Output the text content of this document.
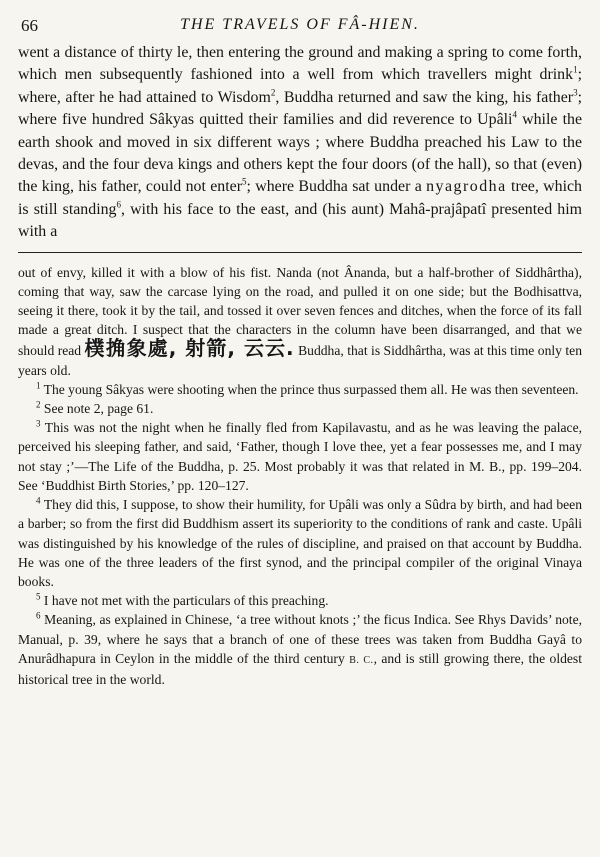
66	THE TRAVELS OF FÂ-HIEN.

went a distance of thirty le, then entering the ground and making a spring to come forth, which men subsequently fashioned into a well from which travellers might drink$^1$; where, after he had attained to Wisdom$^2$, Buddha returned and saw the king, his father$^3$; where five hundred Sâkyas quitted their families and did reverence to Upâli$^4$ while the earth shook and moved in six different ways ; where Buddha preached his Law to the devas, and the four deva kings and others kept the four doors (of the hall), so that (even) the king, his father, could not enter$^5$; where Buddha sat under a nyagrodha tree, which is still standing$^6$, with his face to the east, and (his aunt) Mahâ-prajâpatî presented him with a

out of envy, killed it with a blow of his fist. Nanda (not Ânanda, but a half-brother of Siddhârtha), coming that way, saw the carcase lying on the road, and pulled it on one side; but the Bodhisattva, seeing it there, took it by the tail, and tossed it over seven fences and ditches, when the force of its fall made a great ditch. I suspect that the characters in the column have been disarranged, and that we should read 樸捔象處, 射箭, 云云. Buddha, that is Siddhârtha, was at this time only ten years old.

$^1$ The young Sâkyas were shooting when the prince thus surpassed them all. He was then seventeen.

$^2$ See note 2, page 61.

$^3$ This was not the night when he finally fled from Kapilavastu, and as he was leaving the palace, perceived his sleeping father, and said, ‘Father, though I love thee, yet a fear possesses me, and I may not stay ;’—The Life of the Buddha, p. 25. Most probably it was that related in M. B., pp. 199–204. See ‘Buddhist Birth Stories,’ pp. 120–127.

$^4$ They did this, I suppose, to show their humility, for Upâli was only a Sûdra by birth, and had been a barber; so from the first did Buddhism assert its superiority to the conditions of rank and caste. Upâli was distinguished by his knowledge of the rules of discipline, and praised on that account by Buddha. He was one of the three leaders of the first synod, and the principal compiler of the original Vinaya books.

$^5$ I have not met with the particulars of this preaching.

$^6$ Meaning, as explained in Chinese, ‘a tree without knots ;’ the ficus Indica. See Rhys Davids’ note, Manual, p. 39, where he says that a branch of one of these trees was taken from Buddha Gayâ to Anurâdhapura in Ceylon in the middle of the third century B. C., and is still growing there, the oldest historical tree in the world.
